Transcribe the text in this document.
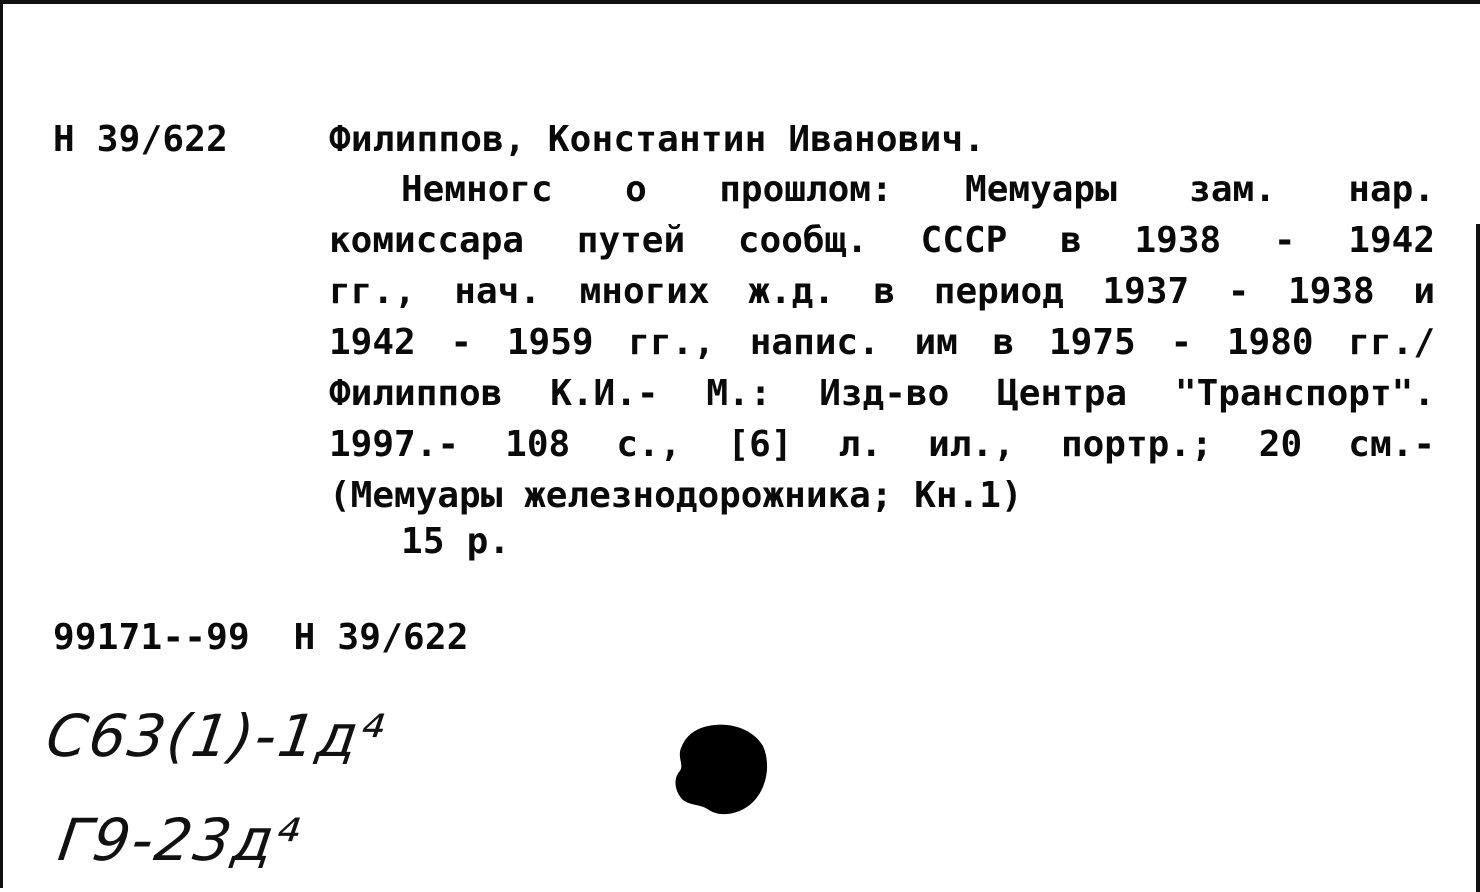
Н 39/622	Филиппов, Константин Иванович.
Немногс о прошлом: Мемуары зам. нар.
комиссара путей сообщ. СССР в 1938 - 1942
гг., нач. многих ж.д. в период 1937 - 1938 и
1942 - 1959 гг., напис. им в 1975 - 1980 гг./
Филиппов К.И.- М.: Изд-во Центра "Транспорт".
1997.- 108 с., [6] л. ил., портр.; 20 см.-
(Мемуары железнодорожника; Кн.1)
15 р.
99171--99  Н 39/622
С63(1)-1д⁴
Г9-23д⁴
